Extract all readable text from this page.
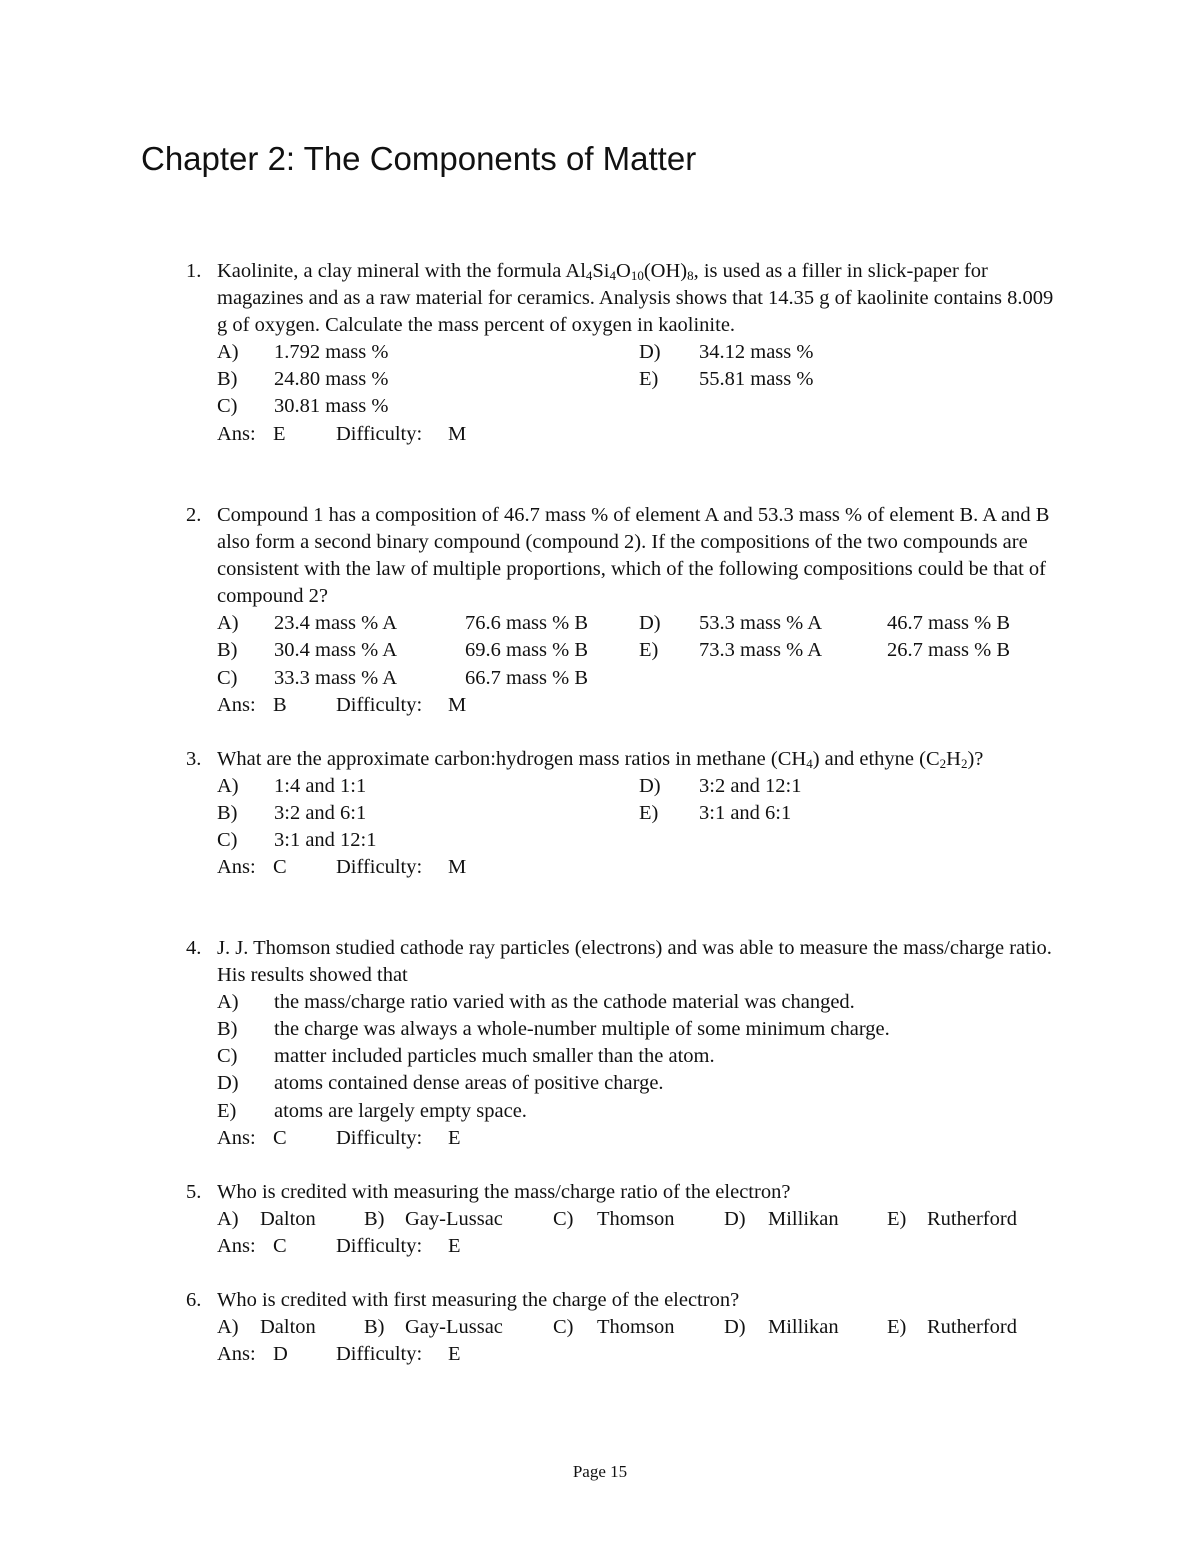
Chapter 2: The Components of Matter
1. Kaolinite, a clay mineral with the formula $Al_4Si_4O_{10}(OH)_8$, is used as a filler in slick-paper for magazines and as a raw material for ceramics. Analysis shows that 14.35 g of kaolinite contains 8.009 g of oxygen. Calculate the mass percent of oxygen in kaolinite.
A) 1.792 mass %	D) 34.12 mass %
B) 24.80 mass %	E) 55.81 mass %
C) 30.81 mass %
Ans: E Difficulty: M
2. Compound 1 has a composition of 46.7 mass % of element A and 53.3 mass % of element B. A and B also form a second binary compound (compound 2). If the compositions of the two compounds are consistent with the law of multiple proportions, which of the following compositions could be that of compound 2?
A) 23.4 mass % A	76.6 mass % B D) 53.3 mass % A	46.7 mass % B
B) 30.4 mass % A	69.6 mass % B E) 73.3 mass % A	26.7 mass % B
C) 33.3 mass % A	66.7 mass % B
Ans: B Difficulty: M
3. What are the approximate carbon:hydrogen mass ratios in methane $(CH_4)$ and ethyne $(C_2H_2)$?
A) 1:4 and 1:1	D) 3:2 and 12:1
B) 3:2 and 6:1	E) 3:1 and 6:1
C) 3:1 and 12:1
Ans: C Difficulty: M
4. J. J. Thomson studied cathode ray particles (electrons) and was able to measure the mass/charge ratio. His results showed that
A) the mass/charge ratio varied with as the cathode material was changed.
B) the charge was always a whole-number multiple of some minimum charge.
C) matter included particles much smaller than the atom.
D) atoms contained dense areas of positive charge.
E) atoms are largely empty space.
Ans: C Difficulty: E
5. Who is credited with measuring the mass/charge ratio of the electron?
A) Dalton B) Gay-Lussac C) Thomson D) Millikan E) Rutherford
Ans: C Difficulty: E
6. Who is credited with first measuring the charge of the electron?
A) Dalton B) Gay-Lussac C) Thomson D) Millikan E) Rutherford
Ans: D Difficulty: E
Page 15
